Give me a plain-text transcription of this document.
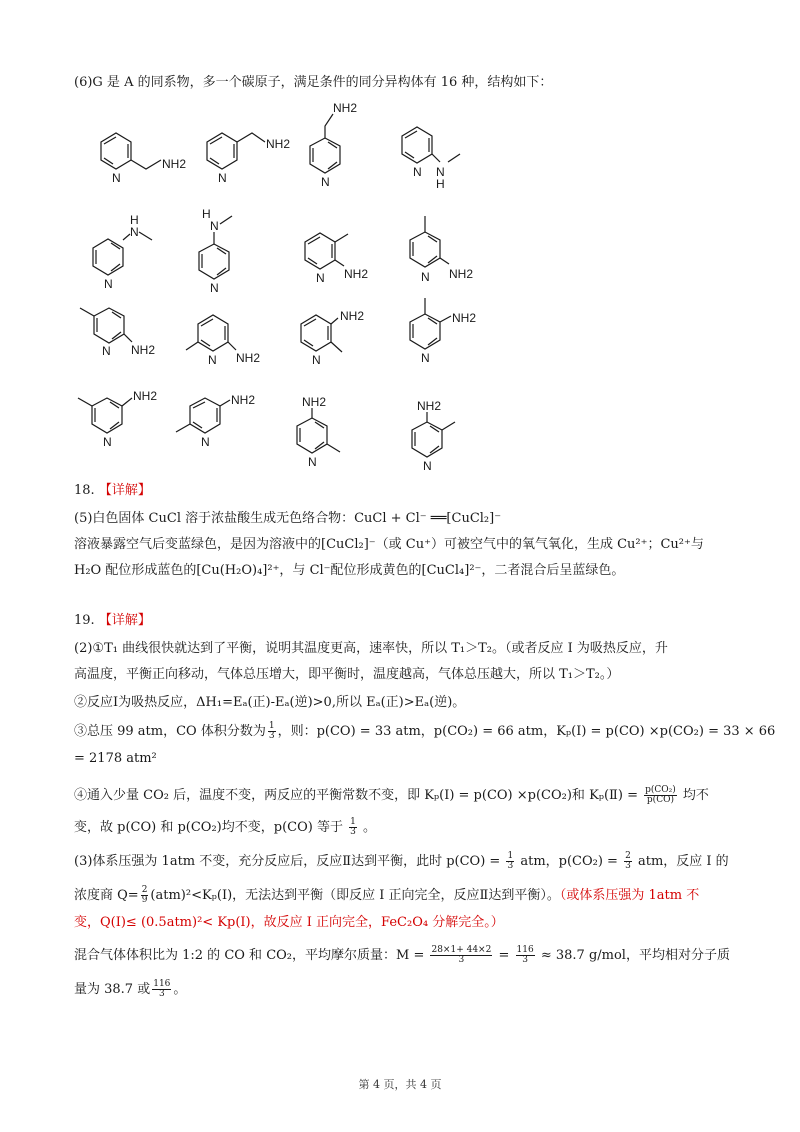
(6)G 是 A 的同系物，多一个碳原子，满足条件的同分异构体有 16 种，结构如下：
NH2
N
NH2
N
NH2
N
N
H
N
H
N
N
H
N
N
NH2
N	NH2
N
NH2
N	NH2
N
NH2
N
NH2
N
NH2
N
NH2
N
NH2
N
NH2
N
18. 【详解】
(5)白色固体 CuCl 溶于浓盐酸生成无色络合物：CuCl + Cl⁻ ══[CuCl₂]⁻
溶液暴露空气后变蓝绿色，是因为溶液中的[CuCl₂]⁻（或 Cu⁺）可被空气中的氧气氧化，生成 Cu²⁺；Cu²⁺与
H₂O 配位形成蓝色的[Cu(H₂O)₄]²⁺，与 Cl⁻配位形成黄色的[CuCl₄]²⁻，二者混合后呈蓝绿色。
19. 【详解】
(2)①T₁ 曲线很快就达到了平衡，说明其温度更高，速率快，所以 T₁＞T₂。（或者反应 I 为吸热反应，升
高温度，平衡正向移动，气体总压增大，即平衡时，温度越高，气体总压越大，所以 T₁＞T₂。）
②反应Ⅰ为吸热反应，ΔH₁=Eₐ(正)-Eₐ(逆)>0,所以 Eₐ(正)>Eₐ(逆)。
③总压 99 atm，CO 体积分数为 $\frac{1}{3}$ ，则：p(CO) = 33 atm，p(CO₂) = 66 atm，Kₚ(I) = p(CO) ×p(CO₂) = 33 × 66
= 2178 atm²
④通入少量 CO₂ 后，温度不变，两反应的平衡常数不变，即 Kₚ(I) = p(CO) ×p(CO₂)和 Kₚ(Ⅱ) = $\frac{\text{p(CO₂)}}{p(CO)}$ 均不
变，故 p(CO) 和 p(CO₂)均不变，p(CO) 等于 $\frac{1}{3}$ 。
(3)体系压强为 1atm 不变，充分反应后，反应Ⅱ达到平衡，此时 $p(CO) = \frac{1}{3}$ atm，$p(CO_2) = \frac{2}{3}$ atm，反应 I 的
浓度商 $Q= \frac{2}{9} (atm)^2<K_p(I)$，无法达到平衡（即反应 I 正向完全，反应Ⅱ达到平衡）。（或体系压强为 1atm 不
变，Q(I)≤ (0.5atm)²< Kp(I)，故反应 I 正向完全，FeC₂O₄ 分解完全。）
混合气体体积比为 1:2 的 CO 和 CO₂，平均摩尔质量：$M = \frac{28\times 1+ 44\times 2}{3} = \frac{116}{3} \approx 38.7$ g/mol，平均相对分子质
量为 38.7 或 $\frac{116}{3}$ 。
第 4 页，共 4 页
